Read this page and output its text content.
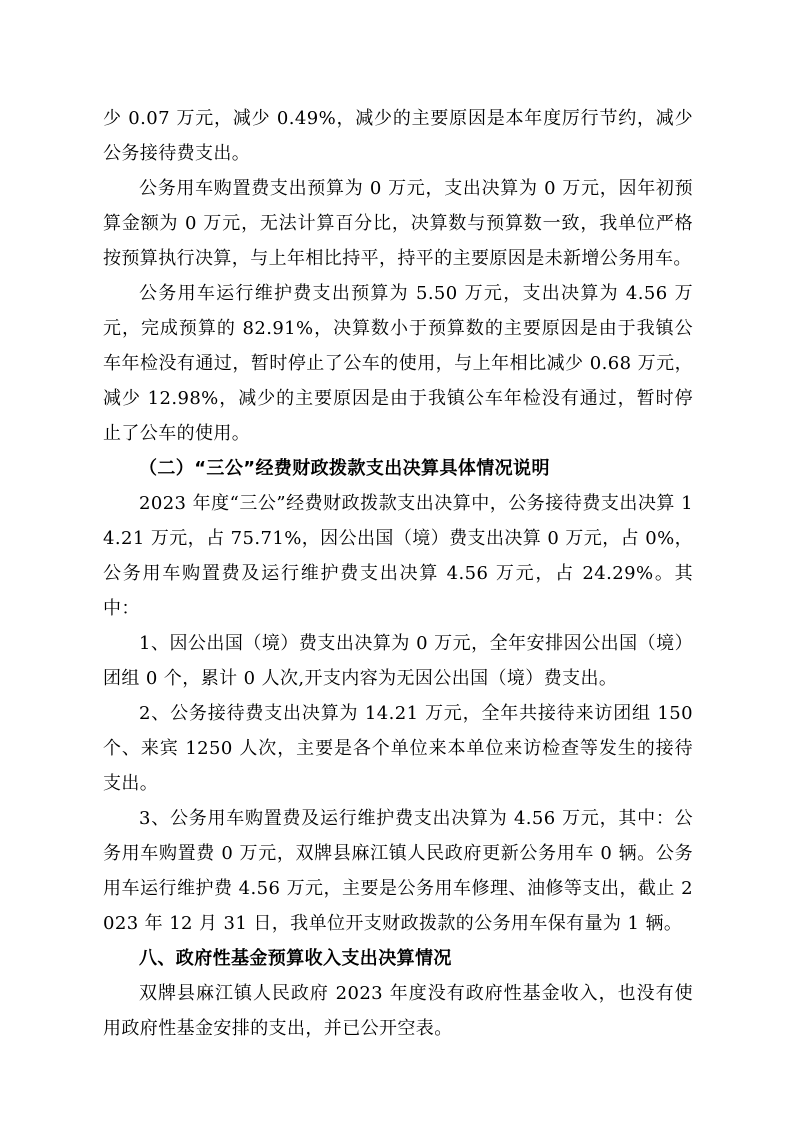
少 0.07 万元，减少 0.49%，减少的主要原因是本年度厉行节约，减少公务接待费支出。

公务用车购置费支出预算为 0 万元，支出决算为 0 万元，因年初预算金额为 0 万元，无法计算百分比，决算数与预算数一致，我单位严格按预算执行决算，与上年相比持平，持平的主要原因是未新增公务用车。

公务用车运行维护费支出预算为 5.50 万元，支出决算为 4.56 万元，完成预算的 82.91%，决算数小于预算数的主要原因是由于我镇公车年检没有通过，暂时停止了公车的使用，与上年相比减少 0.68 万元，减少 12.98%，减少的主要原因是由于我镇公车年检没有通过，暂时停止了公车的使用。

（二）“三公”经费财政拨款支出决算具体情况说明

2023 年度“三公”经费财政拨款支出决算中，公务接待费支出决算 14.21 万元，占 75.71%，因公出国（境）费支出决算 0 万元，占 0%，公务用车购置费及运行维护费支出决算 4.56 万元，占 24.29%。其中：

1、因公出国（境）费支出决算为 0 万元，全年安排因公出国（境）团组 0 个，累计 0 人次,开支内容为无因公出国（境）费支出。

2、公务接待费支出决算为 14.21 万元，全年共接待来访团组 150 个、来宾 1250 人次，主要是各个单位来本单位来访检查等发生的接待支出。

3、公务用车购置费及运行维护费支出决算为 4.56 万元，其中：公务用车购置费 0 万元，双牌县麻江镇人民政府更新公务用车 0 辆。公务用车运行维护费 4.56 万元，主要是公务用车修理、油修等支出，截止 2023 年 12 月 31 日，我单位开支财政拨款的公务用车保有量为 1 辆。

八、政府性基金预算收入支出决算情况

双牌县麻江镇人民政府 2023 年度没有政府性基金收入，也没有使用政府性基金安排的支出，并已公开空表。
